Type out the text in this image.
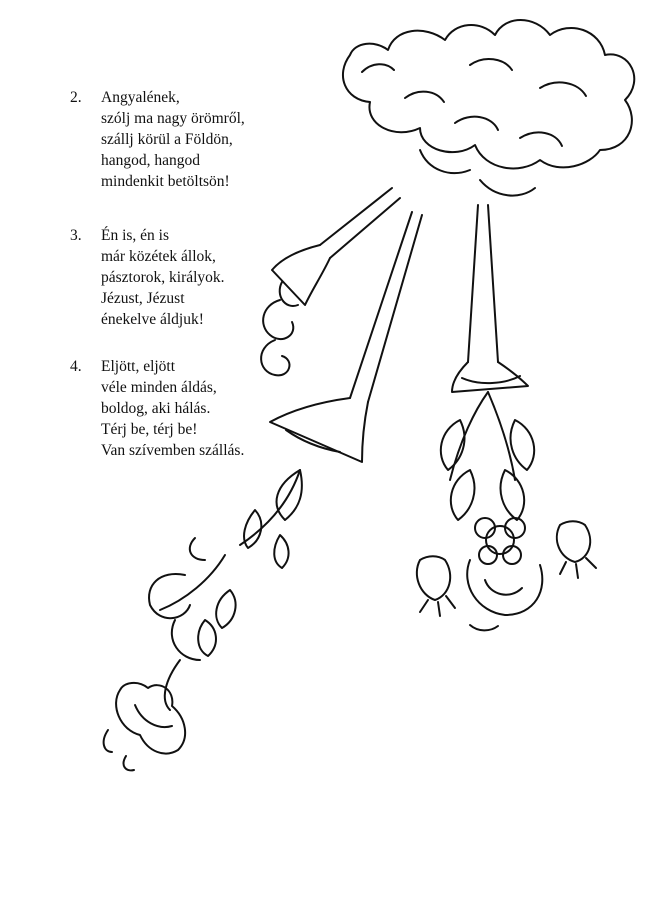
2.	Angyalének,
szólj ma nagy örömről,
szállj körül a Földön,
hangod, hangod
mindenkit betöltsön!
3.	Én is, én is
már közétek állok,
pásztorok, királyok.
Jézust, Jézust
énekelve áldjuk!
4.	Eljött, eljött
véle minden áldás,
boldog, aki hálás.
Térj be, térj be!
Van szívemben szállás.
